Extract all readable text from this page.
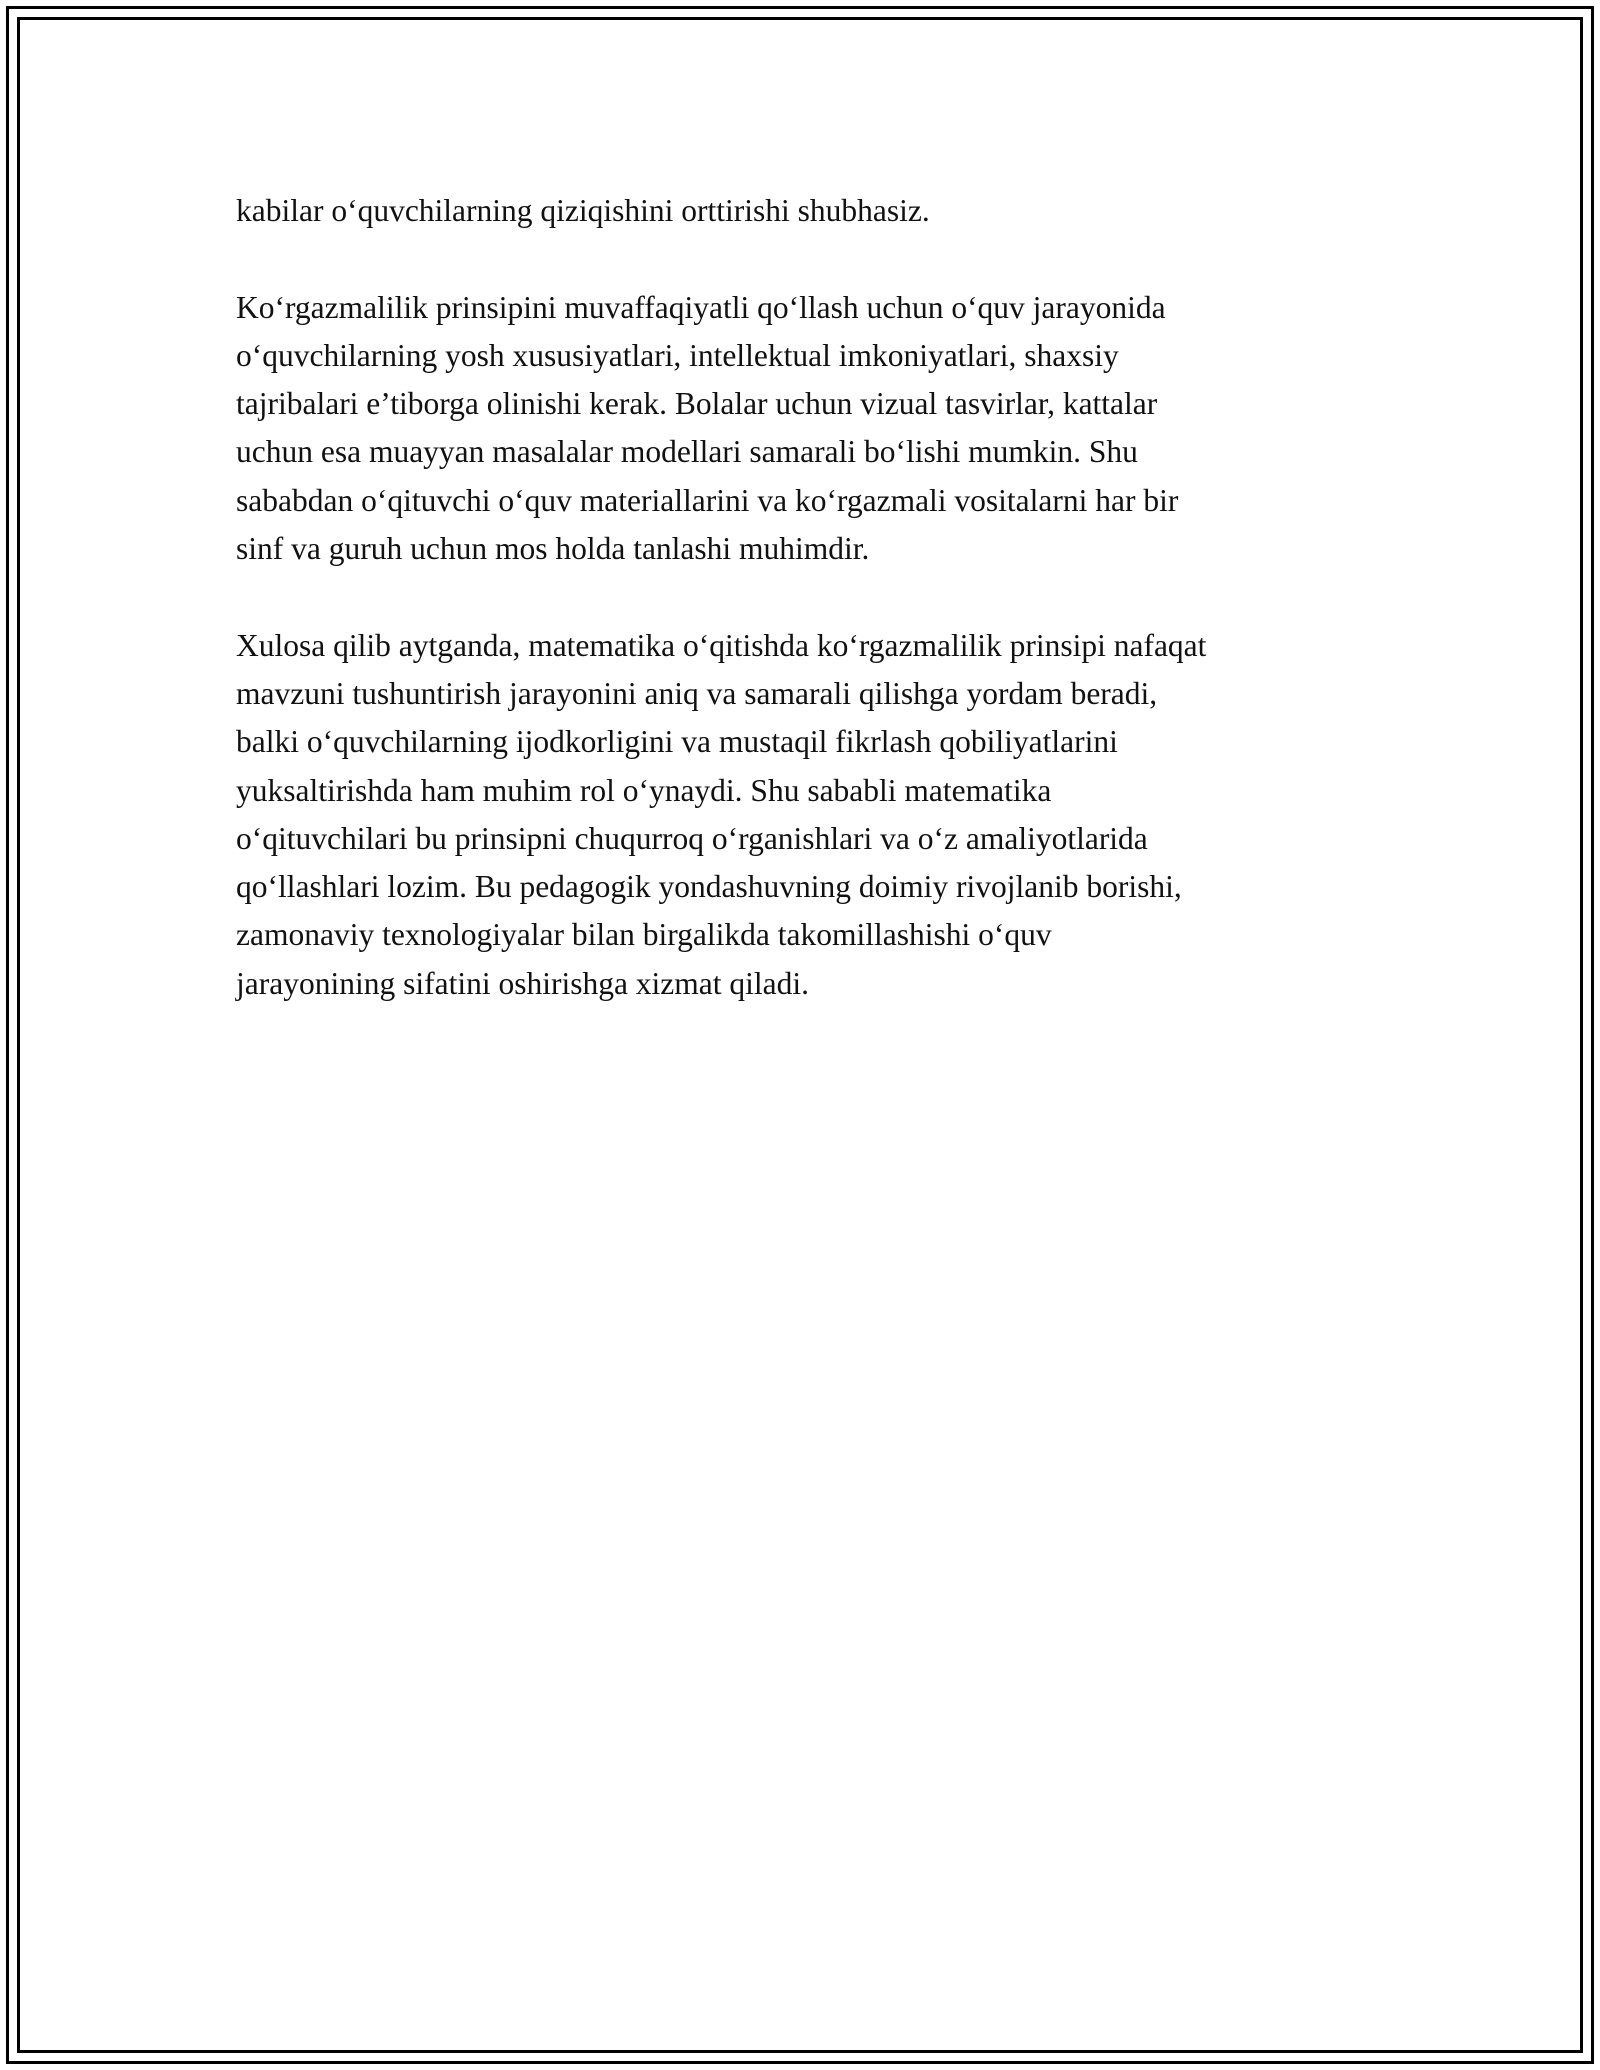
kabilar o‘quvchilarning qiziqishini orttirishi shubhasiz.

Ko‘rgazmalilik prinsipini muvaffaqiyatli qo‘llash uchun o‘quv jarayonida
o‘quvchilarning yosh xususiyatlari, intellektual imkoniyatlari, shaxsiy
tajribalari e’tiborga olinishi kerak. Bolalar uchun vizual tasvirlar, kattalar
uchun esa muayyan masalalar modellari samarali bo‘lishi mumkin. Shu
sababdan o‘qituvchi o‘quv materiallarini va ko‘rgazmali vositalarni har bir
sinf va guruh uchun mos holda tanlashi muhimdir.

Xulosa qilib aytganda, matematika o‘qitishda ko‘rgazmalilik prinsipi nafaqat
mavzuni tushuntirish jarayonini aniq va samarali qilishga yordam beradi,
balki o‘quvchilarning ijodkorligini va mustaqil fikrlash qobiliyatlarini
yuksaltirishda ham muhim rol o‘ynaydi. Shu sababli matematika
o‘qituvchilari bu prinsipni chuqurroq o‘rganishlari va o‘z amaliyotlarida
qo‘llashlari lozim. Bu pedagogik yondashuvning doimiy rivojlanib borishi,
zamonaviy texnologiyalar bilan birgalikda takomillashishi o‘quv
jarayonining sifatini oshirishga xizmat qiladi.
